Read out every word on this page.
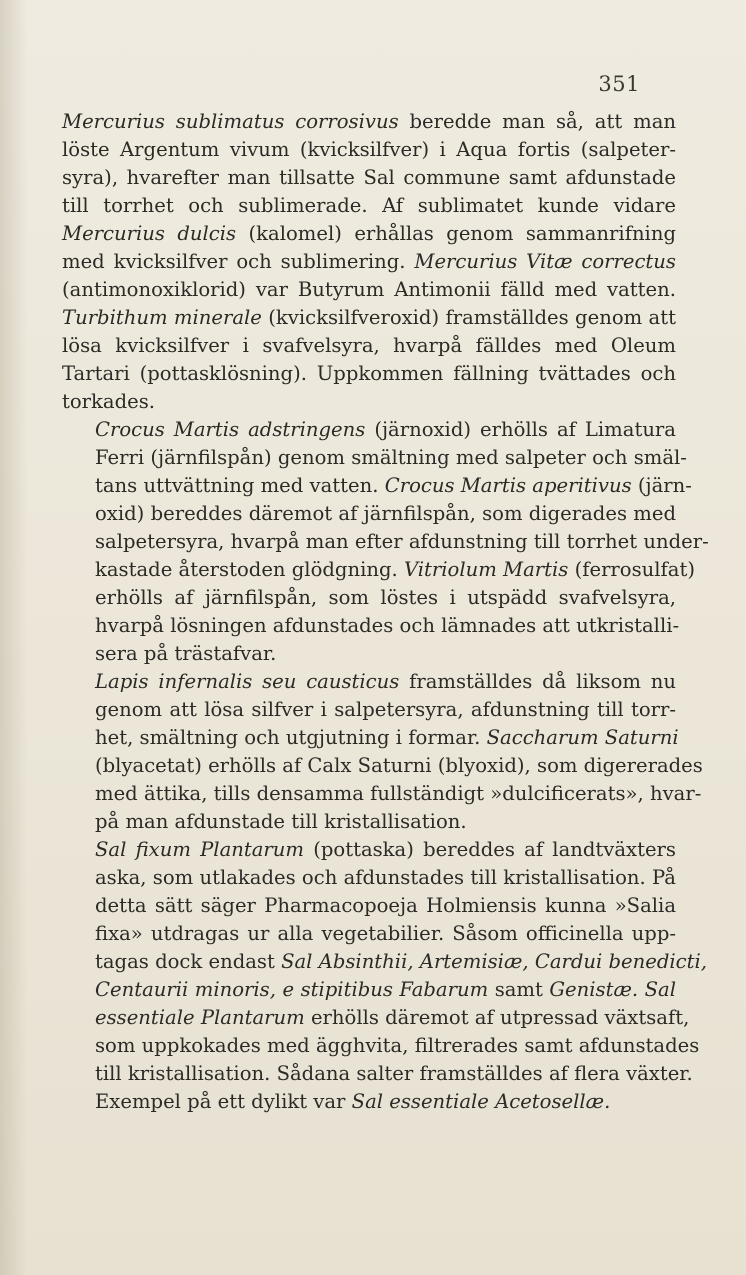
351

Mercurius sublimatus corrosivus beredde man så, att man
löste Argentum vivum (kvicksilfver) i Aqua fortis (salpeter-
syra), hvarefter man tillsatte Sal commune samt afdunstade
till torrhet och sublimerade. Af sublimatet kunde vidare
Mercurius dulcis (kalomel) erhållas genom sammanrifning
med kvicksilfver och sublimering. Mercurius Vitæ correctus
(antimonoxiklorid) var Butyrum Antimonii fälld med vatten.
Turbithum minerale (kvicksilfveroxid) framställdes genom att
lösa kvicksilfver i svafvelsyra, hvarpå fälldes med Oleum
Tartari (pottasklösning). Uppkommen fällning tvättades och
torkades.

Crocus Martis adstringens (järnoxid) erhölls af Limatura
Ferri (järnfilspån) genom smältning med salpeter och smäl-
tans uttvättning med vatten. Crocus Martis aperitivus (järn-
oxid) bereddes däremot af järnfilspån, som digerades med
salpetersyra, hvarpå man efter afdunstning till torrhet under-
kastade återstoden glödgning. Vitriolum Martis (ferrosulfat)
erhölls af järnfilspån, som löstes i utspädd svafvelsyra,
hvarpå lösningen afdunstades och lämnades att utkristalli-
sera på trästafvar.

Lapis infernalis seu causticus framställdes då liksom nu
genom att lösa silfver i salpetersyra, afdunstning till torr-
het, smältning och utgjutning i formar. Saccharum Saturni
(blyacetat) erhölls af Calx Saturni (blyoxid), som digererades
med ättika, tills densamma fullständigt »dulcificerats», hvar-
på man afdunstade till kristallisation.

Sal fixum Plantarum (pottaska) bereddes af landtväxters
aska, som utlakades och afdunstades till kristallisation. På
detta sätt säger Pharmacopoeja Holmiensis kunna »Salia
fixa» utdragas ur alla vegetabilier. Såsom officinella upp-
tagas dock endast Sal Absinthii, Artemisiæ, Cardui benedicti,
Centaurii minoris, e stipitibus Fabarum samt Genistæ. Sal
essentiale Plantarum erhölls däremot af utpressad växtsaft,
som uppkokades med ägghvita, filtrerades samt afdunstades
till kristallisation. Sådana salter framställdes af flera växter.
Exempel på ett dylikt var Sal essentiale Acetosellæ.
